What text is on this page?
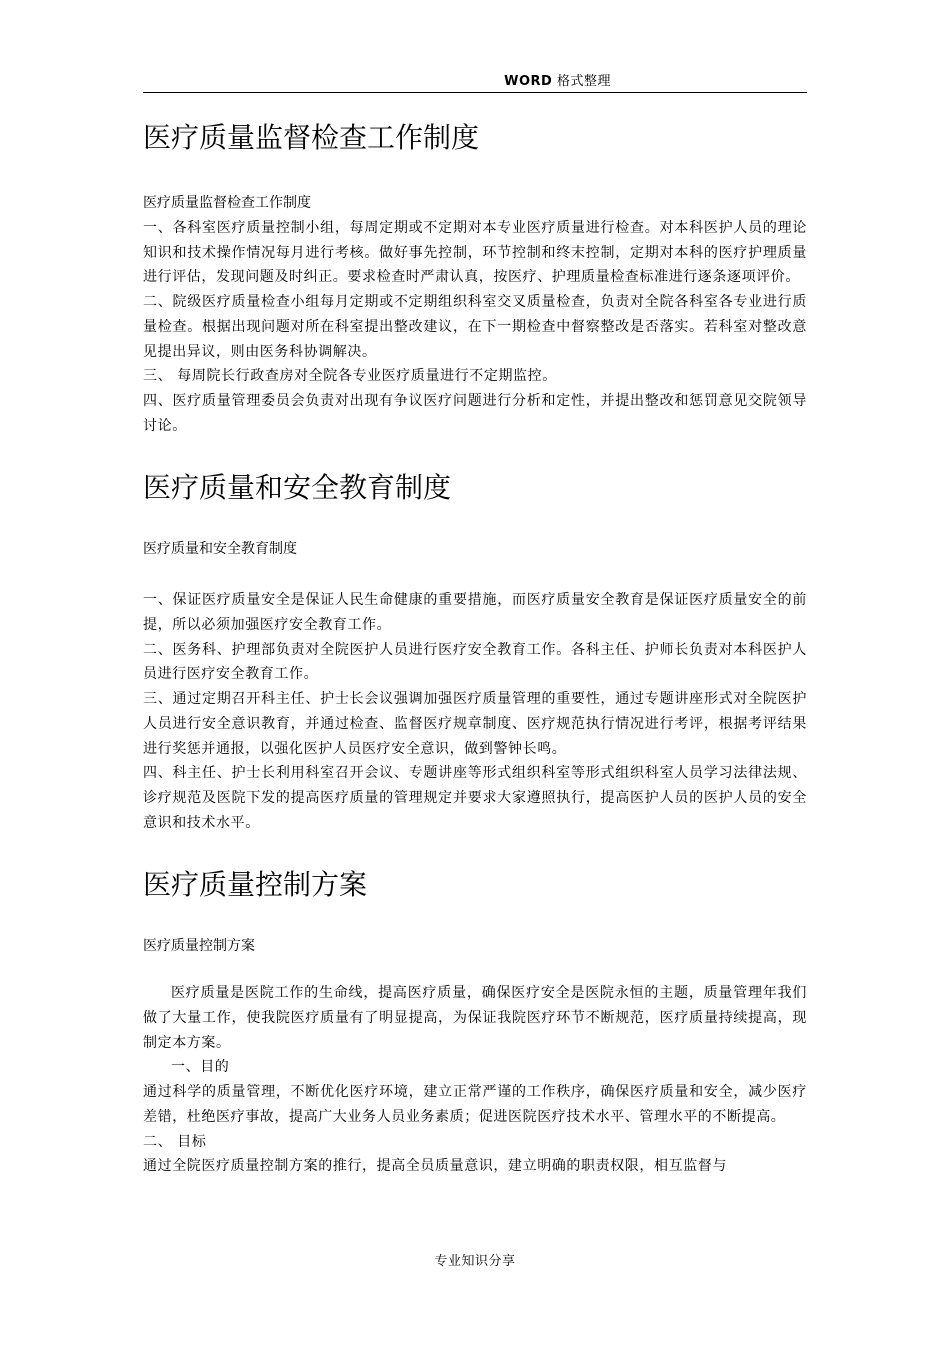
WORD 格式整理
医疗质量监督检查工作制度

医疗质量监督检查工作制度

一、各科室医疗质量控制小组，每周定期或不定期对本专业医疗质量进行检查。对本科医护人员的理论知识和技术操作情况每月进行考核。做好事先控制，环节控制和终末控制，定期对本科的医疗护理质量进行评估，发现问题及时纠正。要求检查时严肃认真，按医疗、护理质量检查标准进行逐条逐项评价。

二、院级医疗质量检查小组每月定期或不定期组织科室交叉质量检查，负责对全院各科室各专业进行质量检查。根据出现问题对所在科室提出整改建议，在下一期检查中督察整改是否落实。若科室对整改意见提出异议，则由医务科协调解决。

三、 每周院长行政查房对全院各专业医疗质量进行不定期监控。

四、医疗质量管理委员会负责对出现有争议医疗问题进行分析和定性，并提出整改和惩罚意见交院领导讨论。

医疗质量和安全教育制度

医疗质量和安全教育制度

一、保证医疗质量安全是保证人民生命健康的重要措施，而医疗质量安全教育是保证医疗质量安全的前提，所以必须加强医疗安全教育工作。

二、医务科、护理部负责对全院医护人员进行医疗安全教育工作。各科主任、护师长负责对本科医护人员进行医疗安全教育工作。

三、通过定期召开科主任、护士长会议强调加强医疗质量管理的重要性，通过专题讲座形式对全院医护人员进行安全意识教育，并通过检查、监督医疗规章制度、医疗规范执行情况进行考评，根据考评结果进行奖惩并通报，以强化医护人员医疗安全意识，做到警钟长鸣。

四、科主任、护士长利用科室召开会议、专题讲座等形式组织科室等形式组织科室人员学习法律法规、诊疗规范及医院下发的提高医疗质量的管理规定并要求大家遵照执行，提高医护人员的医护人员的安全意识和技术水平。

医疗质量控制方案

医疗质量控制方案

医疗质量是医院工作的生命线，提高医疗质量，确保医疗安全是医院永恒的主题，质量管理年我们做了大量工作，使我院医疗质量有了明显提高，为保证我院医疗环节不断规范，医疗质量持续提高，现制定本方案。

一、目的

通过科学的质量管理，不断优化医疗环境，建立正常严谨的工作秩序，确保医疗质量和安全，减少医疗差错，杜绝医疗事故，提高广大业务人员业务素质；促进医院医疗技术水平、管理水平的不断提高。

二、 目标

通过全院医疗质量控制方案的推行，提高全员质量意识，建立明确的职责权限，相互监督与

专业知识分享
